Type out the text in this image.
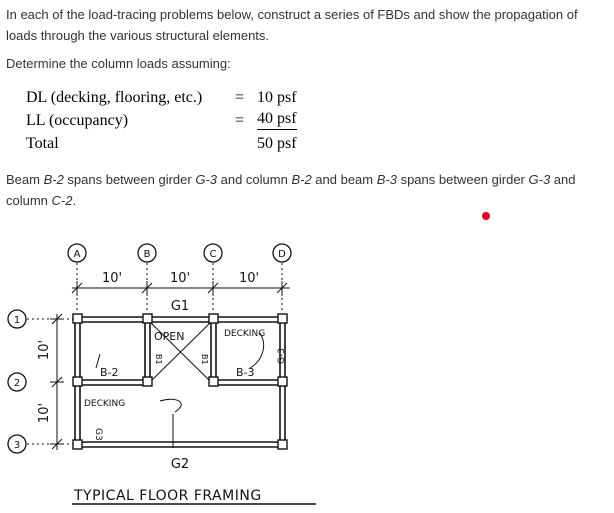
In each of the load-tracing problems below, construct a series of FBDs and show the propagation of loads through the various structural elements.

Determine the column loads assuming:

DL (decking, flooring, etc.) = 10 psf
LL (occupancy)	= 40 psf
Total	50 psf

Beam B-2 spans between girder G-3 and column B-2 and beam B-3 spans between girder G-3 and column C-2.

A	B	C	D
1
2
3
10'	10'	10'
10'
10'
G1
G2
OPEN	DECKING
B-2	B-3
DECKING
G3
G-3
B1	B1
TYPICAL FLOOR FRAMING
